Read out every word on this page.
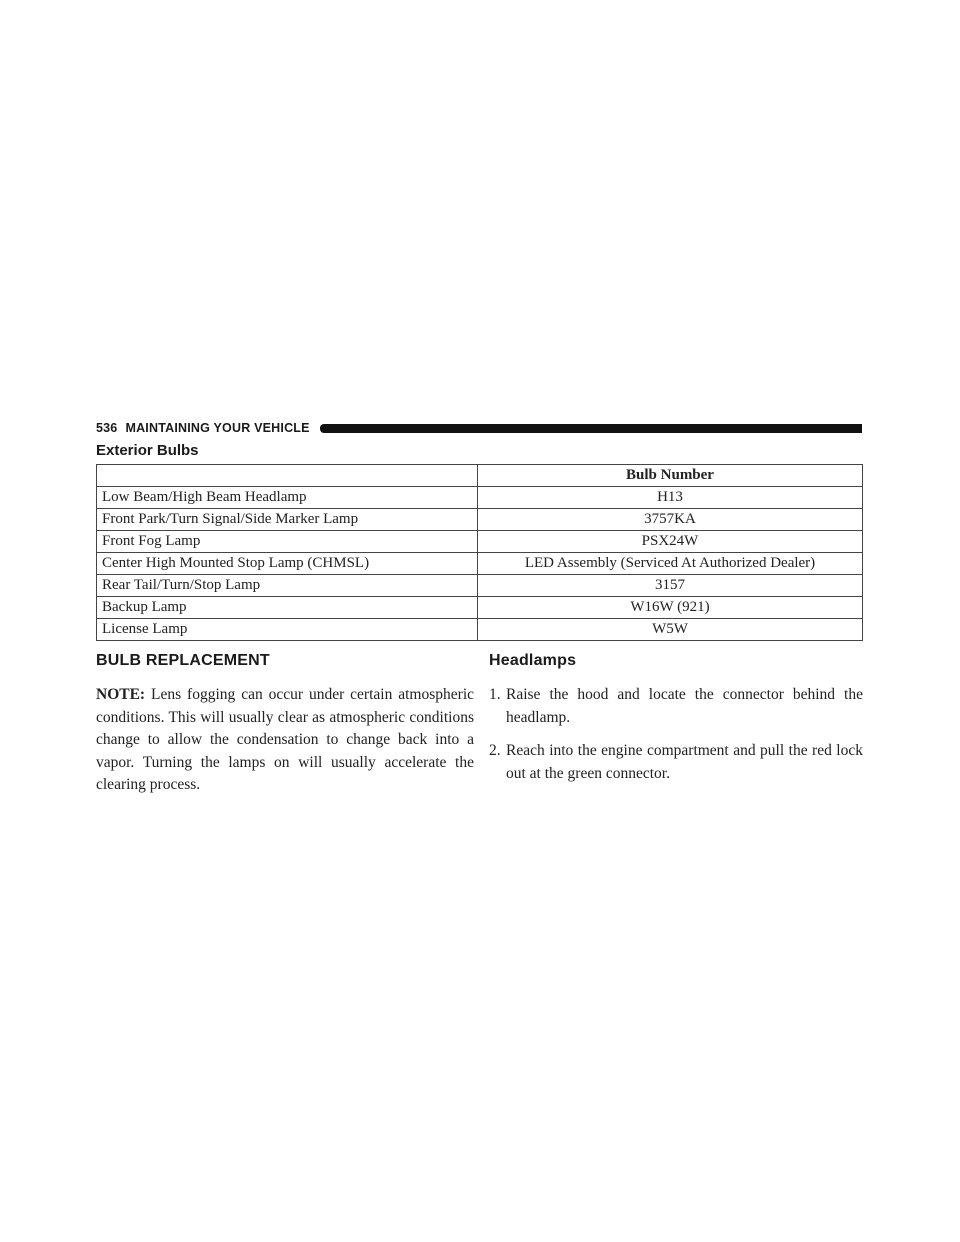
536 MAINTAINING YOUR VEHICLE
Exterior Bulbs
	Bulb Number
Low Beam/High Beam Headlamp	H13
Front Park/Turn Signal/Side Marker Lamp	3757KA
Front Fog Lamp	PSX24W
Center High Mounted Stop Lamp (CHMSL)	LED Assembly (Serviced At Authorized Dealer)
Rear Tail/Turn/Stop Lamp	3157
Backup Lamp	W16W (921)
License Lamp	W5W
BULB REPLACEMENT

NOTE: Lens fogging can occur under certain atmospheric conditions. This will usually clear as atmospheric conditions change to allow the condensation to change back into a vapor. Turning the lamps on will usually accelerate the clearing process.

Headlamps
1. Raise the hood and locate the connector behind the headlamp.
2. Reach into the engine compartment and pull the red lock out at the green connector.
